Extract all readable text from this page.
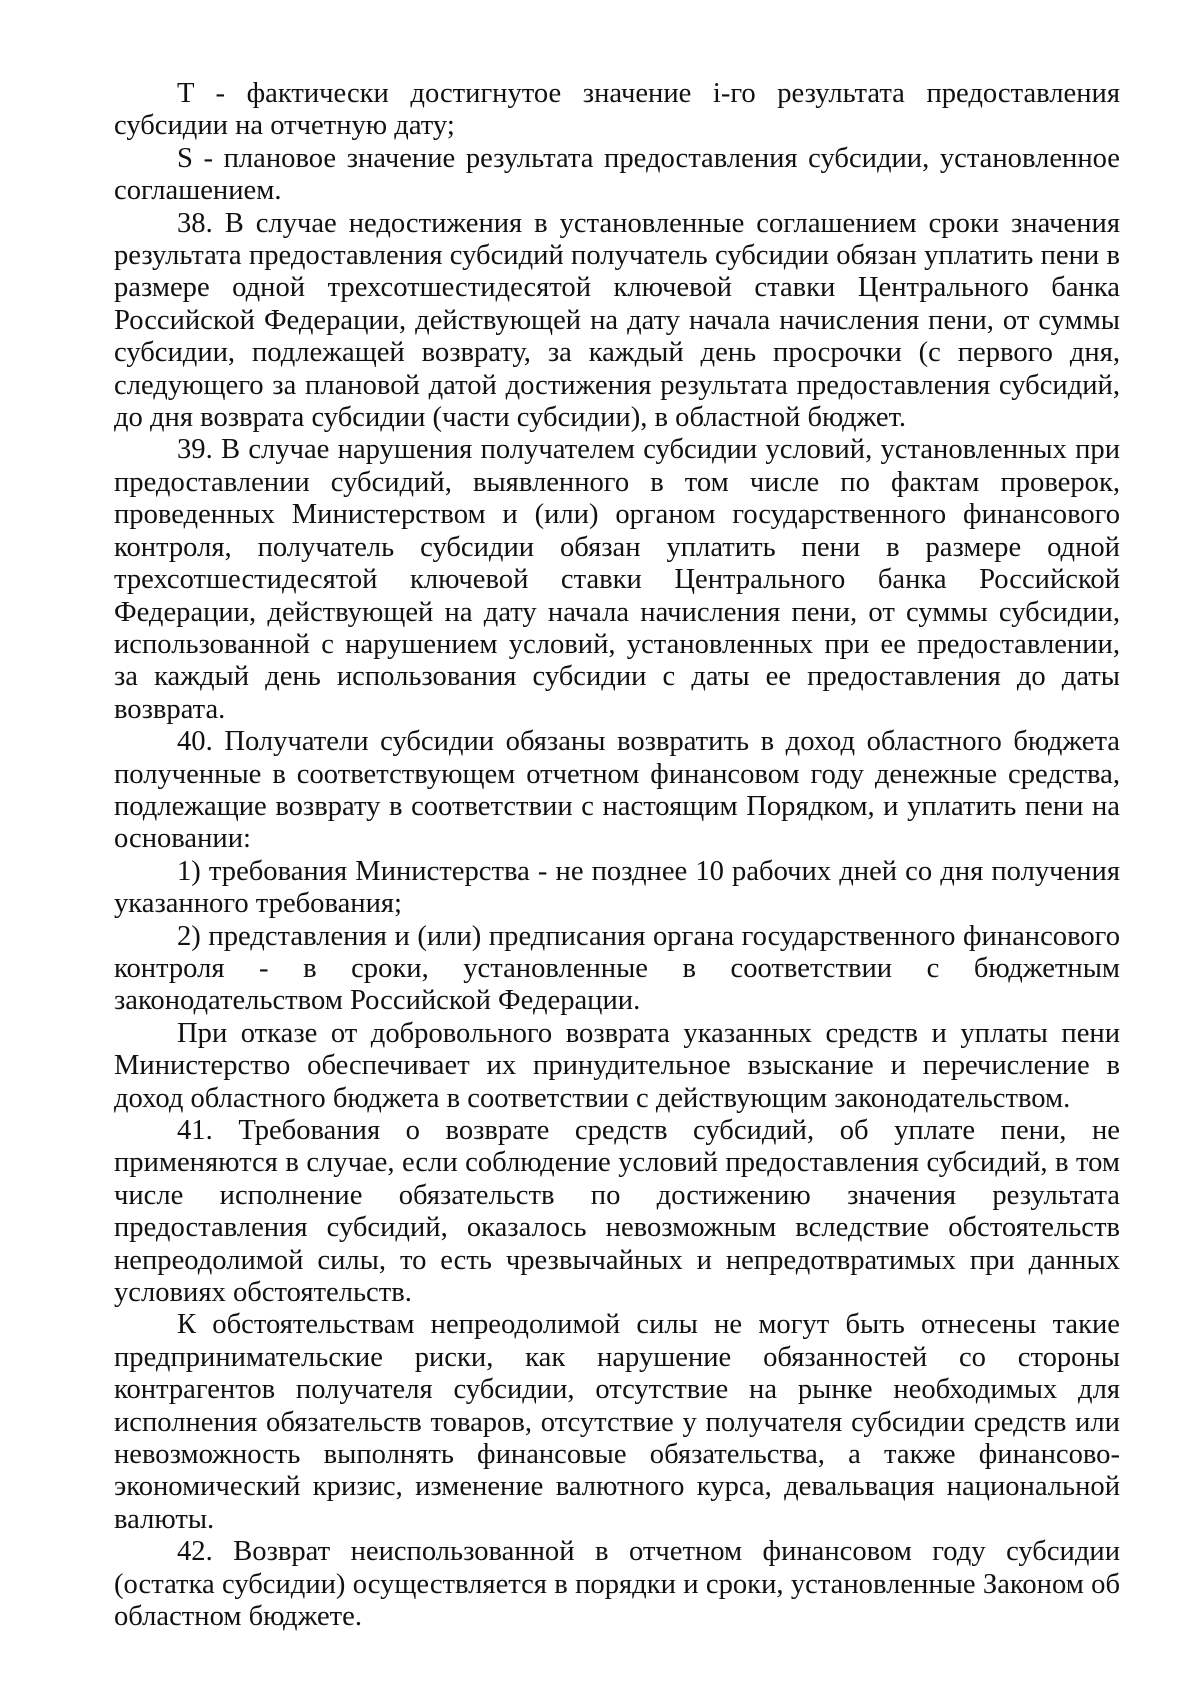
T - фактически достигнутое значение i-го результата предоставления субсидии на отчетную дату;

S - плановое значение результата предоставления субсидии, установленное соглашением.

38. В случае недостижения в установленные соглашением сроки значения результата предоставления субсидий получатель субсидии обязан уплатить пени в размере одной трехсотшестидесятой ключевой ставки Центрального банка Российской Федерации, действующей на дату начала начисления пени, от суммы субсидии, подлежащей возврату, за каждый день просрочки (с первого дня, следующего за плановой датой достижения результата предоставления субсидий, до дня возврата субсидии (части субсидии), в областной бюджет.

39. В случае нарушения получателем субсидии условий, установленных при предоставлении субсидий, выявленного в том числе по фактам проверок, проведенных Министерством и (или) органом государственного финансового контроля, получатель субсидии обязан уплатить пени в размере одной трехсотшестидесятой ключевой ставки Центрального банка Российской Федерации, действующей на дату начала начисления пени, от суммы субсидии, использованной с нарушением условий, установленных при ее предоставлении, за каждый день использования субсидии с даты ее предоставления до даты возврата.

40. Получатели субсидии обязаны возвратить в доход областного бюджета полученные в соответствующем отчетном финансовом году денежные средства, подлежащие возврату в соответствии с настоящим Порядком, и уплатить пени на основании:

1) требования Министерства - не позднее 10 рабочих дней со дня получения указанного требования;

2) представления и (или) предписания органа государственного финансового контроля - в сроки, установленные в соответствии с бюджетным законодательством Российской Федерации.

При отказе от добровольного возврата указанных средств и уплаты пени Министерство обеспечивает их принудительное взыскание и перечисление в доход областного бюджета в соответствии с действующим законодательством.

41. Требования о возврате средств субсидий, об уплате пени, не применяются в случае, если соблюдение условий предоставления субсидий, в том числе исполнение обязательств по достижению значения результата предоставления субсидий, оказалось невозможным вследствие обстоятельств непреодолимой силы, то есть чрезвычайных и непредотвратимых при данных условиях обстоятельств.

К обстоятельствам непреодолимой силы не могут быть отнесены такие предпринимательские риски, как нарушение обязанностей со стороны контрагентов получателя субсидии, отсутствие на рынке необходимых для исполнения обязательств товаров, отсутствие у получателя субсидии средств или невозможность выполнять финансовые обязательства, а также финансово-экономический кризис, изменение валютного курса, девальвация национальной валюты.

42. Возврат неиспользованной в отчетном финансовом году субсидии (остатка субсидии) осуществляется в порядки и сроки, установленные Законом об областном бюджете.
